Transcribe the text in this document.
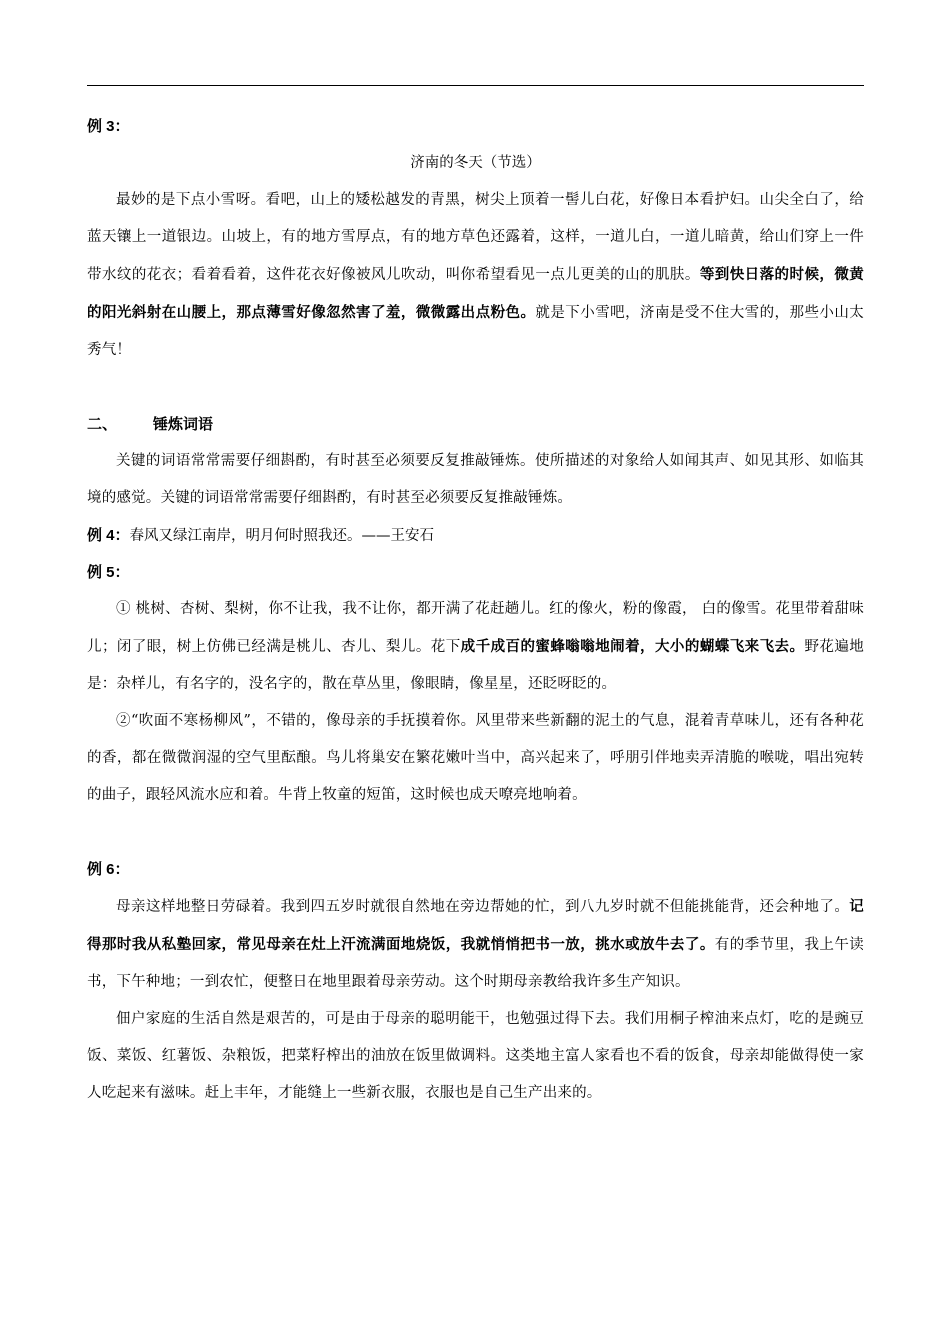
例 3：

济南的冬天（节选）

最妙的是下点小雪呀。看吧，山上的矮松越发的青黑，树尖上顶着一髻儿白花，好像日本看护妇。山尖全白了，给蓝天镶上一道银边。山坡上，有的地方雪厚点，有的地方草色还露着，这样，一道儿白，一道儿暗黄，给山们穿上一件带水纹的花衣；看着看着，这件花衣好像被风儿吹动，叫你希望看见一点儿更美的山的肌肤。等到快日落的时候，微黄的阳光斜射在山腰上，那点薄雪好像忽然害了羞，微微露出点粉色。就是下小雪吧，济南是受不住大雪的，那些小山太秀气！

二、 锤炼词语

关键的词语常常需要仔细斟酌，有时甚至必须要反复推敲锤炼。使所描述的对象给人如闻其声、如见其形、如临其境的感觉。关键的词语常常需要仔细斟酌，有时甚至必须要反复推敲锤炼。

例 4：春风又绿江南岸，明月何时照我还。——王安石

例 5：

① 桃树、杏树、梨树，你不让我，我不让你，都开满了花赶趟儿。红的像火，粉的像霞， 白的像雪。花里带着甜味儿；闭了眼，树上仿佛已经满是桃儿、杏儿、梨儿。花下成千成百的蜜蜂嗡嗡地闹着，大小的蝴蝶飞来飞去。野花遍地是：杂样儿，有名字的，没名字的，散在草丛里，像眼睛，像星星，还眨呀眨的。

②“吹面不寒杨柳风”，不错的，像母亲的手抚摸着你。风里带来些新翻的泥土的气息，混着青草味儿，还有各种花的香，都在微微润湿的空气里酝酿。鸟儿将巢安在繁花嫩叶当中，高兴起来了，呼朋引伴地卖弄清脆的喉咙，唱出宛转的曲子，跟轻风流水应和着。牛背上牧童的短笛，这时候也成天嘹亮地响着。

例 6：

母亲这样地整日劳碌着。我到四五岁时就很自然地在旁边帮她的忙，到八九岁时就不但能挑能背，还会种地了。记得那时我从私塾回家，常见母亲在灶上汗流满面地烧饭，我就悄悄把书一放，挑水或放牛去了。有的季节里，我上午读书，下午种地；一到农忙，便整日在地里跟着母亲劳动。这个时期母亲教给我许多生产知识。

佃户家庭的生活自然是艰苦的，可是由于母亲的聪明能干，也勉强过得下去。我们用桐子榨油来点灯，吃的是豌豆饭、菜饭、红薯饭、杂粮饭，把菜籽榨出的油放在饭里做调料。这类地主富人家看也不看的饭食，母亲却能做得使一家人吃起来有滋味。赶上丰年，才能缝上一些新衣服，衣服也是自己生产出来的。
